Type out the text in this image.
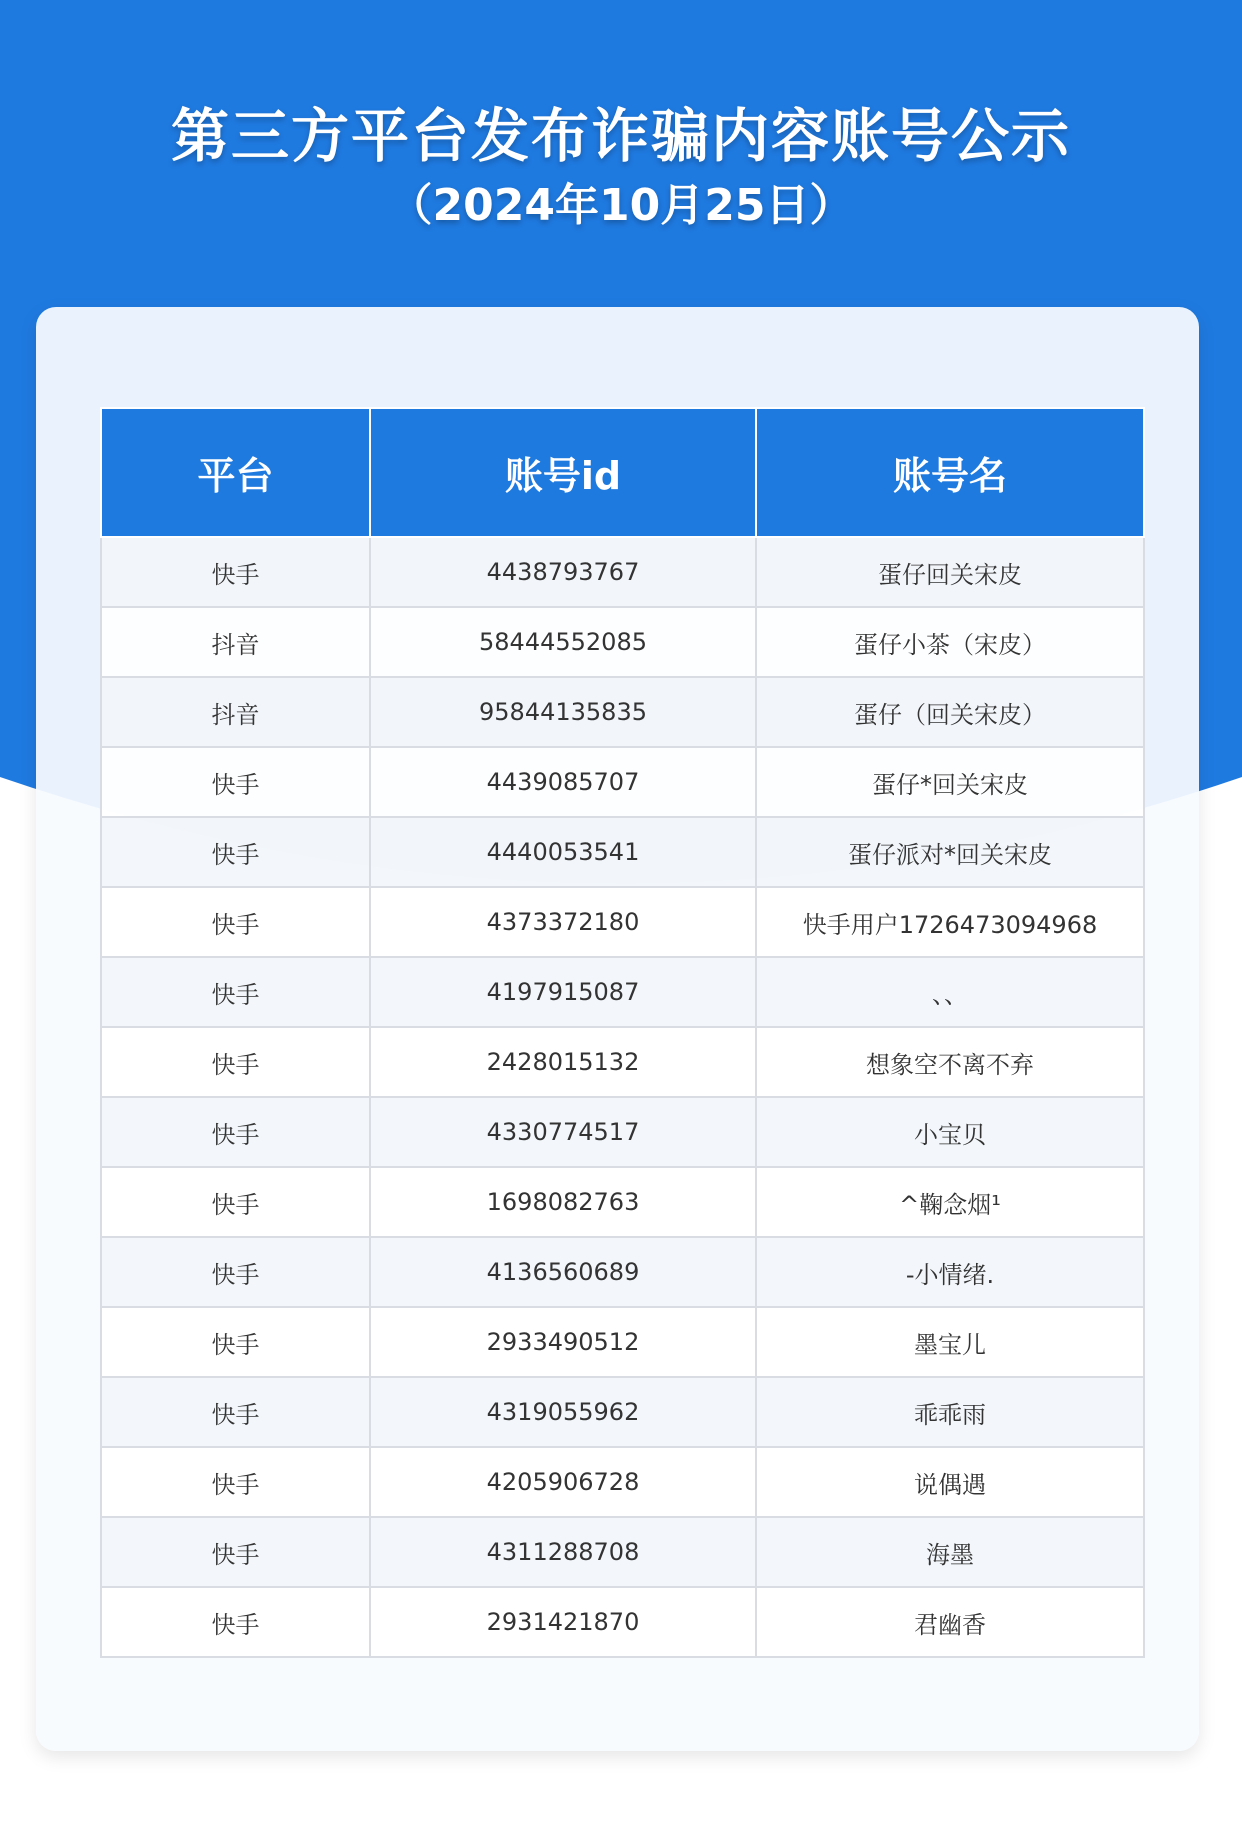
第三方平台发布诈骗内容账号公示
（2024年10月25日）
平台	账号id	账号名
快手	4438793767	蛋仔回关宋皮
抖音	58444552085	蛋仔小茶（宋皮）
抖音	95844135835	蛋仔（回关宋皮）
快手	4439085707	蛋仔*回关宋皮
快手	4440053541	蛋仔派对*回关宋皮
快手	4373372180	快手用户1726473094968
快手	4197915087	、、
快手	2428015132	想象空不离不弃
快手	4330774517	小宝贝
快手	1698082763	^鞠念烟¹
快手	4136560689	-小情绪.
快手	2933490512	墨宝儿
快手	4319055962	乖乖雨
快手	4205906728	说偶遇
快手	4311288708	海墨
快手	2931421870	君幽香
